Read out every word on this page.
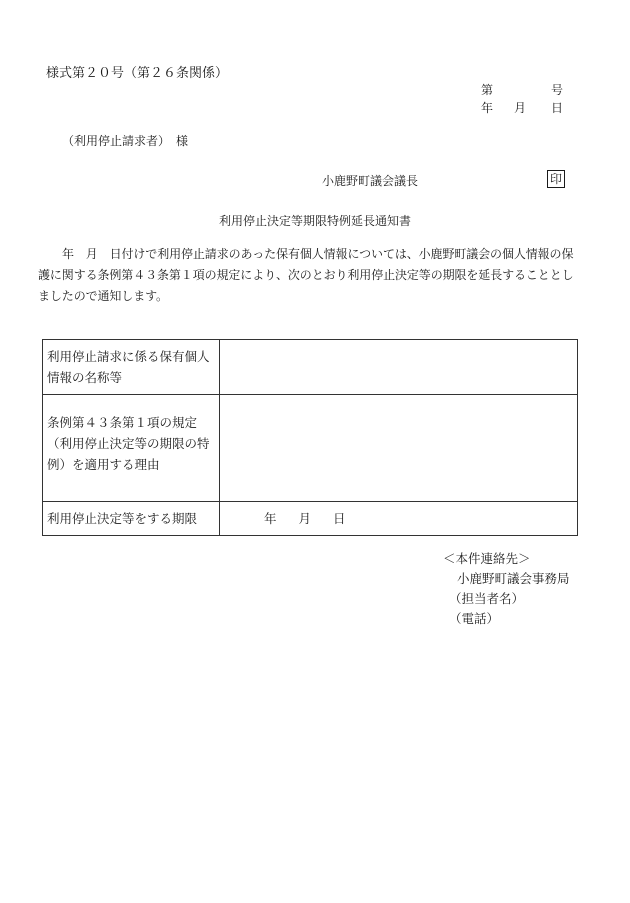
様式第２０号（第２６条関係）
第	号
年 月 日
（利用停止請求者）　様
小鹿野町議会議長	印
利用停止決定等期限特例延長通知書
年　月　日付けで利用停止請求のあった保有個人情報については、小鹿野町議会の個人情報の保護に関する条例第４３条第１項の規定により、次のとおり利用停止決定等の期限を延長することとしましたので通知します。
利用停止請求に係る保有個人情報の名称等	
条例第４３条第１項の規定（利用停止決定等の期限の特例）を適用する理由	
利用停止決定等をする期限	年 月 日
＜本件連絡先＞
小鹿野町議会事務局
（担当者名）
（電話）
